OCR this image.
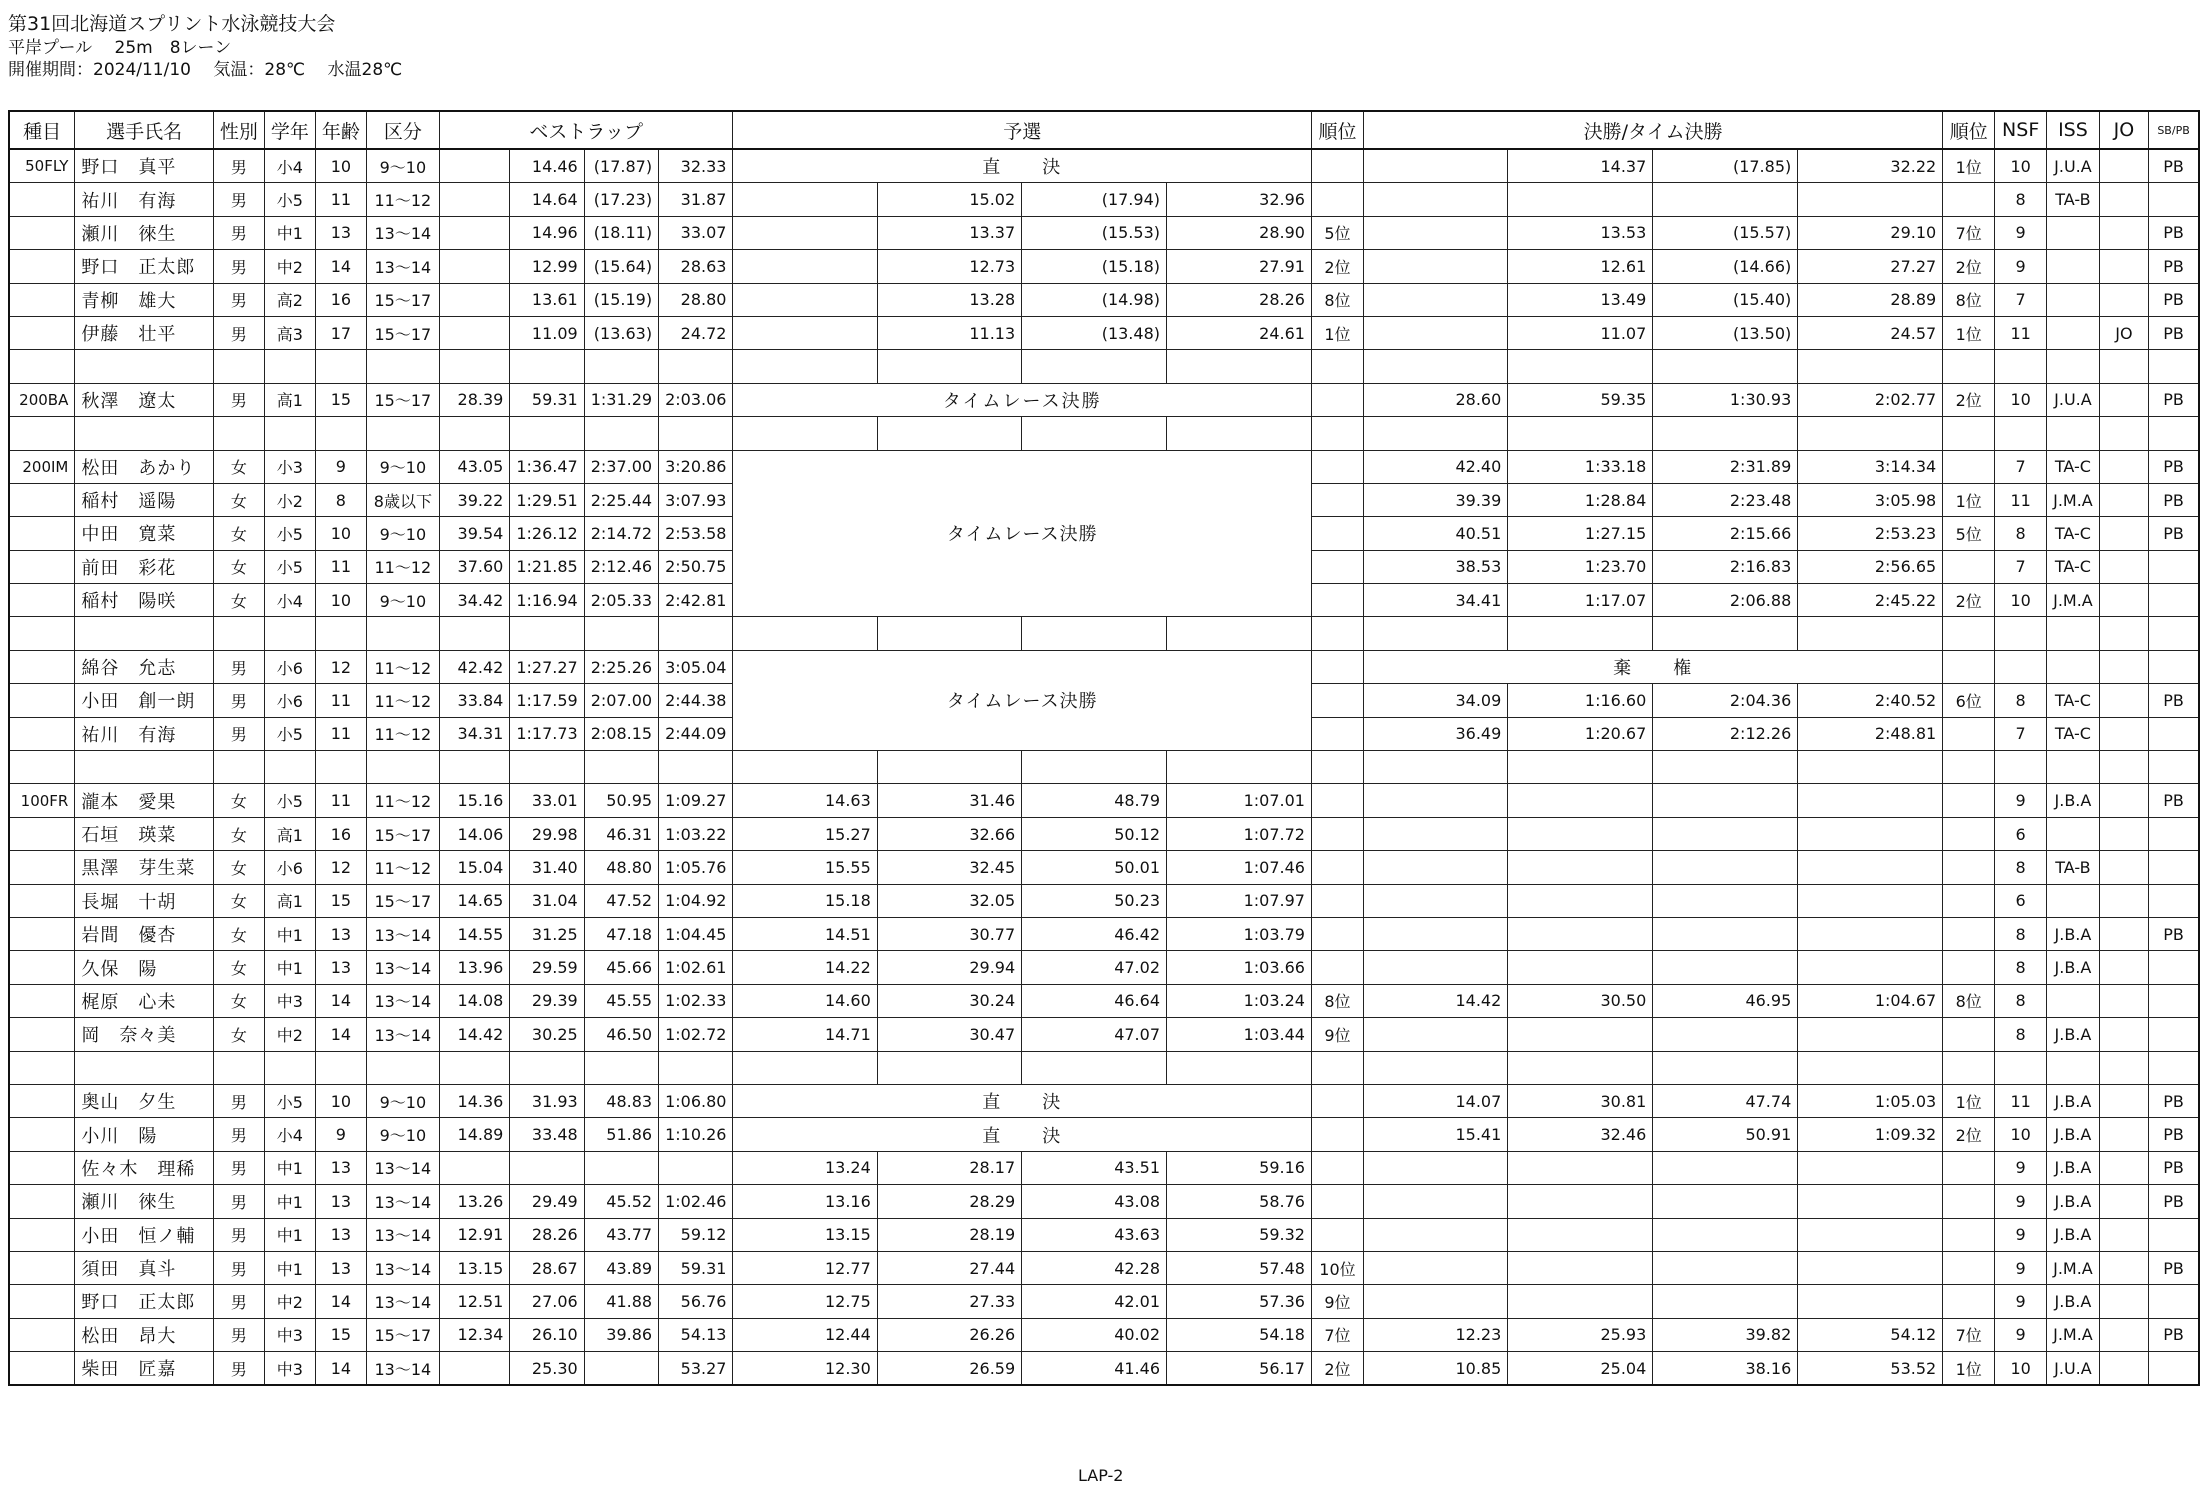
第31回北海道スプリント水泳競技大会
平岸プール　 25m　8レーン
開催期間：2024/11/10　 気温：28℃　 水温28℃
種目	選手氏名	性別	学年	年齢	区分	ベストラップ				予選				順位	決勝/タイム決勝				順位	NSF	ISS	JO	SB/PB
50FLY	野口　真平	男	小4	10	9～10		14.46	(17.87)	32.33	直　　決						14.37	(17.85)	32.22	1位	10	J.U.A		PB
	祐川　有海	男	小5	11	11～12		14.64	(17.23)	31.87		15.02	(17.94)	32.96							8	TA-B		
	瀬川　徠生	男	中1	13	13～14		14.96	(18.11)	33.07		13.37	(15.53)	28.90	5位		13.53	(15.57)	29.10	7位	9			PB
	野口　正太郎	男	中2	14	13～14		12.99	(15.64)	28.63		12.73	(15.18)	27.91	2位		12.61	(14.66)	27.27	2位	9			PB
	青柳　雄大	男	高2	16	15～17		13.61	(15.19)	28.80		13.28	(14.98)	28.26	8位		13.49	(15.40)	28.89	8位	7			PB
	伊藤　壮平	男	高3	17	15～17		11.09	(13.63)	24.72		11.13	(13.48)	24.61	1位		11.07	(13.50)	24.57	1位	11		JO	PB

200BA	秋澤　遼太	男	高1	15	15～17	28.39	59.31	1:31.29	2:03.06	タイムレース決勝					28.60	59.35	1:30.93	2:02.77	2位	10	J.U.A		PB

200IM	松田　あかり	女	小3	9	9～10	43.05	1:36.47	2:37.00	3:20.86	タイムレース決勝					42.40	1:33.18	2:31.89	3:14.34		7	TA-C		PB
	稲村　遥陽	女	小2	8	8歳以下	39.22	1:29.51	2:25.44	3:07.93						39.39	1:28.84	2:23.48	3:05.98	1位	11	J.M.A		PB
	中田　寛菜	女	小5	10	9～10	39.54	1:26.12	2:14.72	2:53.58						40.51	1:27.15	2:15.66	2:53.23	5位	8	TA-C		PB
	前田　彩花	女	小5	11	11～12	37.60	1:21.85	2:12.46	2:50.75						38.53	1:23.70	2:16.83	2:56.65		7	TA-C		
	稲村　陽咲	女	小4	10	9～10	34.42	1:16.94	2:05.33	2:42.81						34.41	1:17.07	2:06.88	2:45.22	2位	10	J.M.A		

	綿谷　允志	男	小6	12	11～12	42.42	1:27.27	2:25.26	3:05.04	タイムレース決勝					棄　　権								
	小田　創一朗	男	小6	11	11～12	33.84	1:17.59	2:07.00	2:44.38						34.09	1:16.60	2:04.36	2:40.52	6位	8	TA-C		PB
	祐川　有海	男	小5	11	11～12	34.31	1:17.73	2:08.15	2:44.09						36.49	1:20.67	2:12.26	2:48.81		7	TA-C		

100FR	瀧本　愛果	女	小5	11	11～12	15.16	33.01	50.95	1:09.27	14.63	31.46	48.79	1:07.01							9	J.B.A		PB
	石垣　瑛菜	女	高1	16	15～17	14.06	29.98	46.31	1:03.22	15.27	32.66	50.12	1:07.72							6			
	黒澤　芽生菜	女	小6	12	11～12	15.04	31.40	48.80	1:05.76	15.55	32.45	50.01	1:07.46							8	TA-B		
	長堀　十胡	女	高1	15	15～17	14.65	31.04	47.52	1:04.92	15.18	32.05	50.23	1:07.97							6			
	岩間　優杏	女	中1	13	13～14	14.55	31.25	47.18	1:04.45	14.51	30.77	46.42	1:03.79							8	J.B.A		PB
	久保　陽	女	中1	13	13～14	13.96	29.59	45.66	1:02.61	14.22	29.94	47.02	1:03.66							8	J.B.A		
	梶原　心未	女	中3	14	13～14	14.08	29.39	45.55	1:02.33	14.60	30.24	46.64	1:03.24	8位	14.42	30.50	46.95	1:04.67	8位	8			
	岡　奈々美	女	中2	14	13～14	14.42	30.25	46.50	1:02.72	14.71	30.47	47.07	1:03.44	9位						8	J.B.A		

	奥山　夕生	男	小5	10	9～10	14.36	31.93	48.83	1:06.80	直　　決					14.07	30.81	47.74	1:05.03	1位	11	J.B.A		PB
	小川　陽	男	小4	9	9～10	14.89	33.48	51.86	1:10.26	直　　決					15.41	32.46	50.91	1:09.32	2位	10	J.B.A		PB
	佐々木　理稀	男	中1	13	13～14					13.24	28.17	43.51	59.16							9	J.B.A		PB
	瀬川　徠生	男	中1	13	13～14	13.26	29.49	45.52	1:02.46	13.16	28.29	43.08	58.76							9	J.B.A		PB
	小田　恒ノ輔	男	中1	13	13～14	12.91	28.26	43.77	59.12	13.15	28.19	43.63	59.32							9	J.B.A		
	須田　真斗	男	中1	13	13～14	13.15	28.67	43.89	59.31	12.77	27.44	42.28	57.48	10位						9	J.M.A		PB
	野口　正太郎	男	中2	14	13～14	12.51	27.06	41.88	56.76	12.75	27.33	42.01	57.36	9位						9	J.B.A		
	松田　昂大	男	中3	15	15～17	12.34	26.10	39.86	54.13	12.44	26.26	40.02	54.18	7位	12.23	25.93	39.82	54.12	7位	9	J.M.A		PB
	柴田　匠嘉	男	中3	14	13～14		25.30		53.27	12.30	26.59	41.46	56.17	2位	10.85	25.04	38.16	53.52	1位	10	J.U.A		
LAP-2
